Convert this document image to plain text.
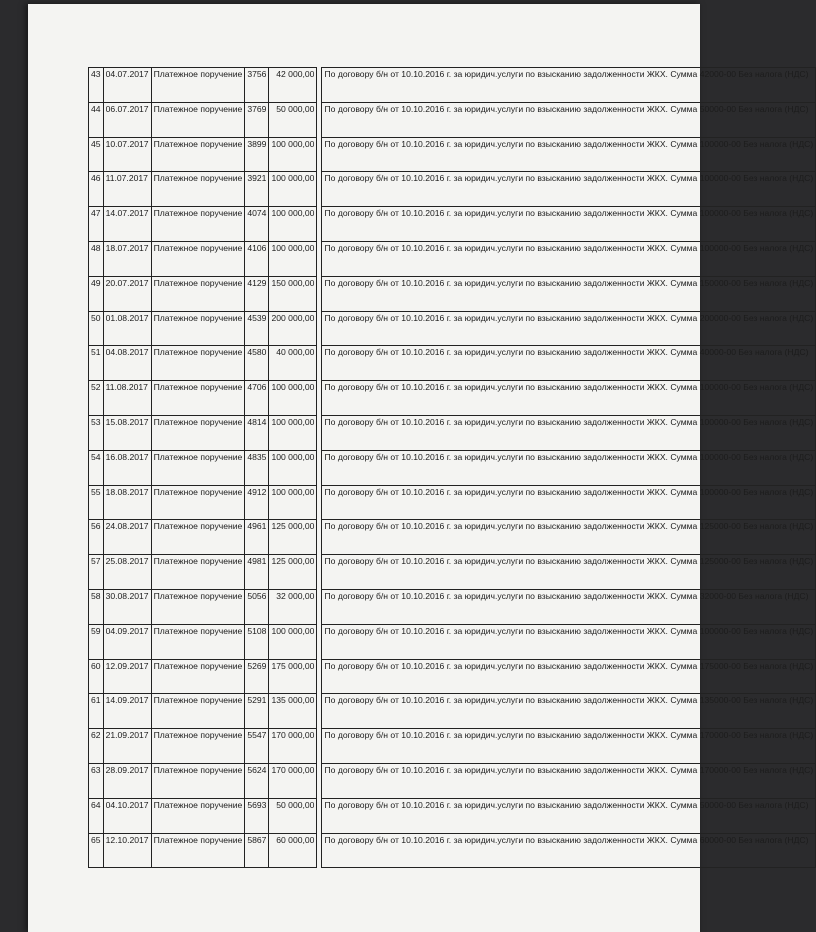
43	04.07.2017	Платежное поручение	3756	42 000,00		По договору б/н от 10.10.2016 г. за юридич.услуги по взысканию задолженности ЖКХ. Сумма 42000-00 Без налога (НДС)
44	06.07.2017	Платежное поручение	3769	50 000,00		По договору б/н от 10.10.2016 г. за юридич.услуги по взысканию задолженности ЖКХ. Сумма 50000-00 Без налога (НДС)
45	10.07.2017	Платежное поручение	3899	100 000,00		По договору б/н от 10.10.2016 г. за юридич.услуги по взысканию задолженности ЖКХ. Сумма 100000-00 Без налога (НДС)
46	11.07.2017	Платежное поручение	3921	100 000,00		По договору б/н от 10.10.2016 г. за юридич.услуги по взысканию задолженности ЖКХ. Сумма 100000-00 Без налога (НДС)
47	14.07.2017	Платежное поручение	4074	100 000,00		По договору б/н от 10.10.2016 г. за юридич.услуги по взысканию задолженности ЖКХ. Сумма 100000-00 Без налога (НДС)
48	18.07.2017	Платежное поручение	4106	100 000,00		По договору б/н от 10.10.2016 г. за юридич.услуги по взысканию задолженности ЖКХ. Сумма 100000-00 Без налога (НДС)
49	20.07.2017	Платежное поручение	4129	150 000,00		По договору б/н от 10.10.2016 г. за юридич.услуги по взысканию задолженности ЖКХ. Сумма 150000-00 Без налога (НДС)
50	01.08.2017	Платежное поручение	4539	200 000,00		По договору б/н от 10.10.2016 г. за юридич.услуги по взысканию задолженности ЖКХ. Сумма 200000-00 Без налога (НДС)
51	04.08.2017	Платежное поручение	4580	40 000,00		По договору б/н от 10.10.2016 г. за юридич.услуги по взысканию задолженности ЖКХ. Сумма 40000-00 Без налога (НДС)
52	11.08.2017	Платежное поручение	4706	100 000,00		По договору б/н от 10.10.2016 г. за юридич.услуги по взысканию задолженности ЖКХ. Сумма 100000-00 Без налога (НДС)
53	15.08.2017	Платежное поручение	4814	100 000,00		По договору б/н от 10.10.2016 г. за юридич.услуги по взысканию задолженности ЖКХ. Сумма 100000-00 Без налога (НДС)
54	16.08.2017	Платежное поручение	4835	100 000,00		По договору б/н от 10.10.2016 г. за юридич.услуги по взысканию задолженности ЖКХ. Сумма 100000-00 Без налога (НДС)
55	18.08.2017	Платежное поручение	4912	100 000,00		По договору б/н от 10.10.2016 г. за юридич.услуги по взысканию задолженности ЖКХ. Сумма 100000-00 Без налога (НДС)
56	24.08.2017	Платежное поручение	4961	125 000,00		По договору б/н от 10.10.2016 г. за юридич.услуги по взысканию задолженности ЖКХ. Сумма 125000-00 Без налога (НДС)
57	25.08.2017	Платежное поручение	4981	125 000,00		По договору б/н от 10.10.2016 г. за юридич.услуги по взысканию задолженности ЖКХ. Сумма 125000-00 Без налога (НДС)
58	30.08.2017	Платежное поручение	5056	32 000,00		По договору б/н от 10.10.2016 г. за юридич.услуги по взысканию задолженности ЖКХ. Сумма 32000-00 Без налога (НДС)
59	04.09.2017	Платежное поручение	5108	100 000,00		По договору б/н от 10.10.2016 г. за юридич.услуги по взысканию задолженности ЖКХ. Сумма 100000-00 Без налога (НДС)
60	12.09.2017	Платежное поручение	5269	175 000,00		По договору б/н от 10.10.2016 г. за юридич.услуги по взысканию задолженности ЖКХ. Сумма 175000-00 Без налога (НДС)
61	14.09.2017	Платежное поручение	5291	135 000,00		По договору б/н от 10.10.2016 г. за юридич.услуги по взысканию задолженности ЖКХ. Сумма 135000-00 Без налога (НДС)
62	21.09.2017	Платежное поручение	5547	170 000,00		По договору б/н от 10.10.2016 г. за юридич.услуги по взысканию задолженности ЖКХ. Сумма 170000-00 Без налога (НДС)
63	28.09.2017	Платежное поручение	5624	170 000,00		По договору б/н от 10.10.2016 г. за юридич.услуги по взысканию задолженности ЖКХ. Сумма 170000-00 Без налога (НДС)
64	04.10.2017	Платежное поручение	5693	50 000,00		По договору б/н от 10.10.2016 г. за юридич.услуги по взысканию задолженности ЖКХ. Сумма 50000-00 Без налога (НДС)
65	12.10.2017	Платежное поручение	5867	60 000,00		По договору б/н от 10.10.2016 г. за юридич.услуги по взысканию задолженности ЖКХ. Сумма 60000-00 Без налога (НДС)
